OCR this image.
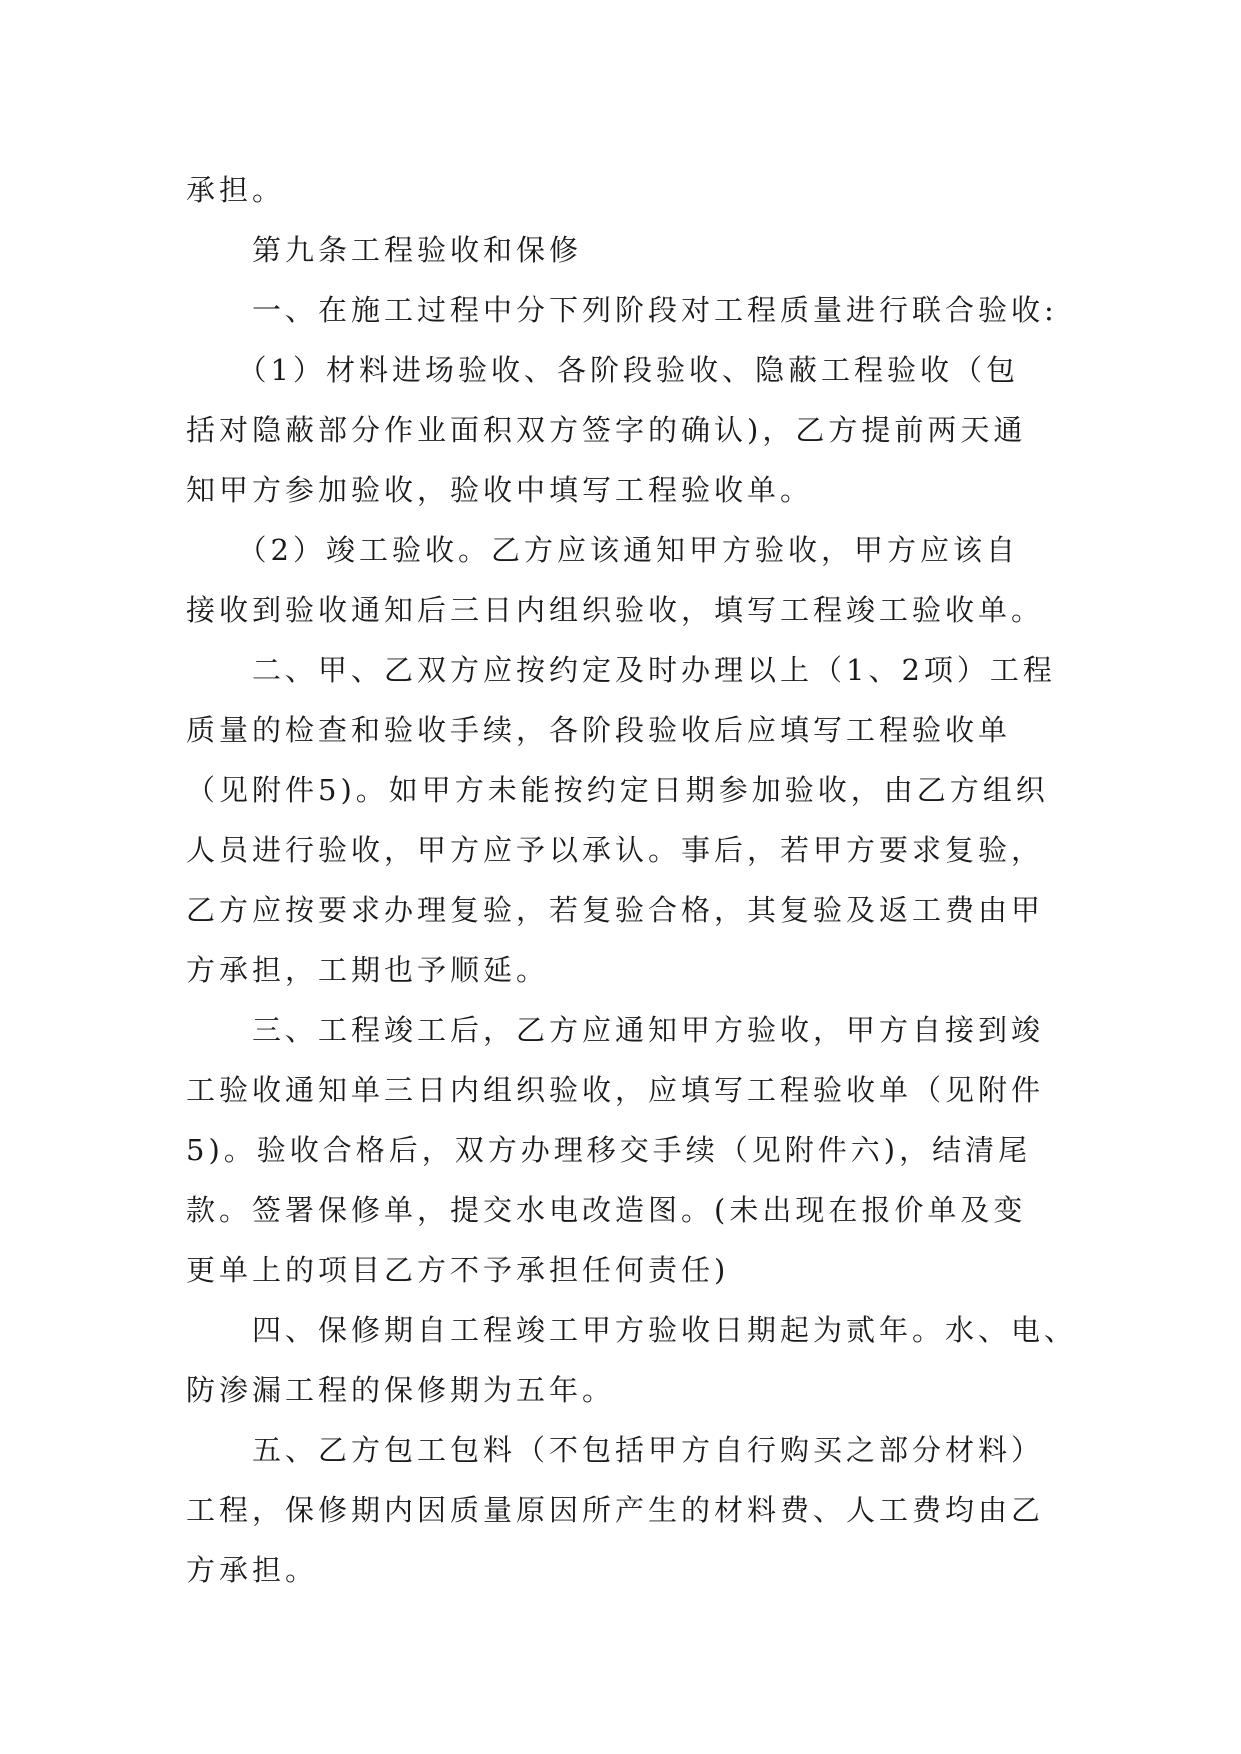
承担。
　　第九条工程验收和保修
　　一、在施工过程中分下列阶段对工程质量进行联合验收:
　　（1）材料进场验收、各阶段验收、隐蔽工程验收（包
括对隐蔽部分作业面积双方签字的确认)，乙方提前两天通
知甲方参加验收，验收中填写工程验收单。
　　（2）竣工验收。乙方应该通知甲方验收，甲方应该自
接收到验收通知后三日内组织验收，填写工程竣工验收单。
　　二、甲、乙双方应按约定及时办理以上（1、2项）工程
质量的检查和验收手续，各阶段验收后应填写工程验收单
（见附件5)。如甲方未能按约定日期参加验收，由乙方组织
人员进行验收，甲方应予以承认。事后，若甲方要求复验，
乙方应按要求办理复验，若复验合格，其复验及返工费由甲
方承担，工期也予顺延。
　　三、工程竣工后，乙方应通知甲方验收，甲方自接到竣
工验收通知单三日内组织验收，应填写工程验收单（见附件
5)。验收合格后，双方办理移交手续（见附件六)，结清尾
款。签署保修单，提交水电改造图。(未出现在报价单及变
更单上的项目乙方不予承担任何责任)
　　四、保修期自工程竣工甲方验收日期起为贰年。水、电、
防渗漏工程的保修期为五年。
　　五、乙方包工包料（不包括甲方自行购买之部分材料）
工程，保修期内因质量原因所产生的材料费、人工费均由乙
方承担。
